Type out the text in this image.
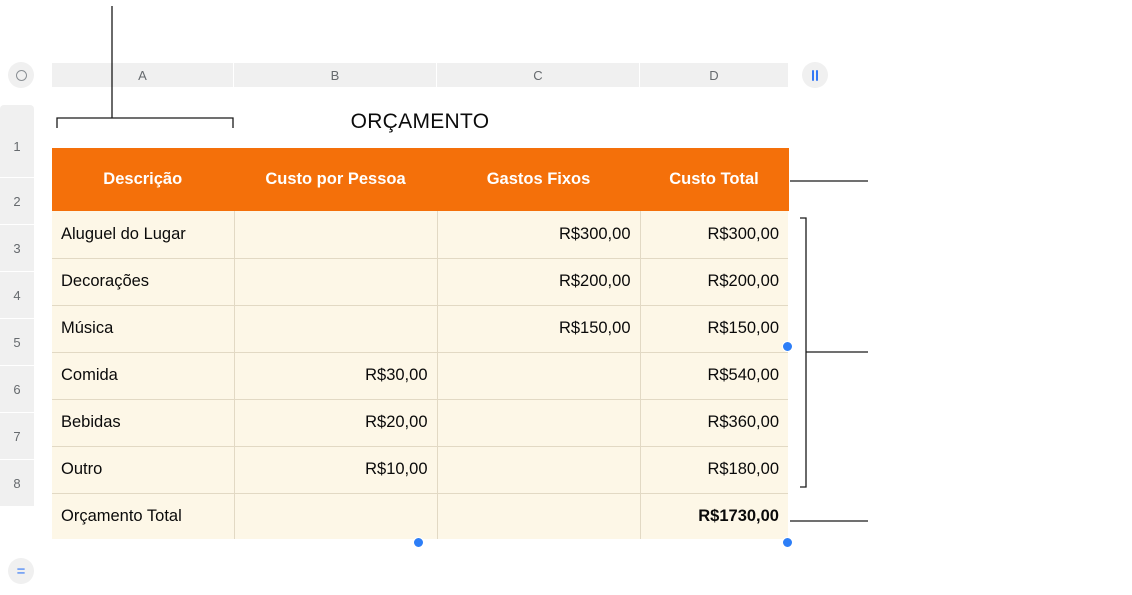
=
A	B	C	D
1
2
3
4
5
6
7
8
ORÇAMENTO
Descrição	Custo por Pessoa	Gastos Fixos	Custo Total
Aluguel do Lugar		R$300,00	R$300,00
Decorações		R$200,00	R$200,00
Música		R$150,00	R$150,00
Comida	R$30,00		R$540,00
Bebidas	R$20,00		R$360,00
Outro	R$10,00		R$180,00
Orçamento Total			R$1730,00
